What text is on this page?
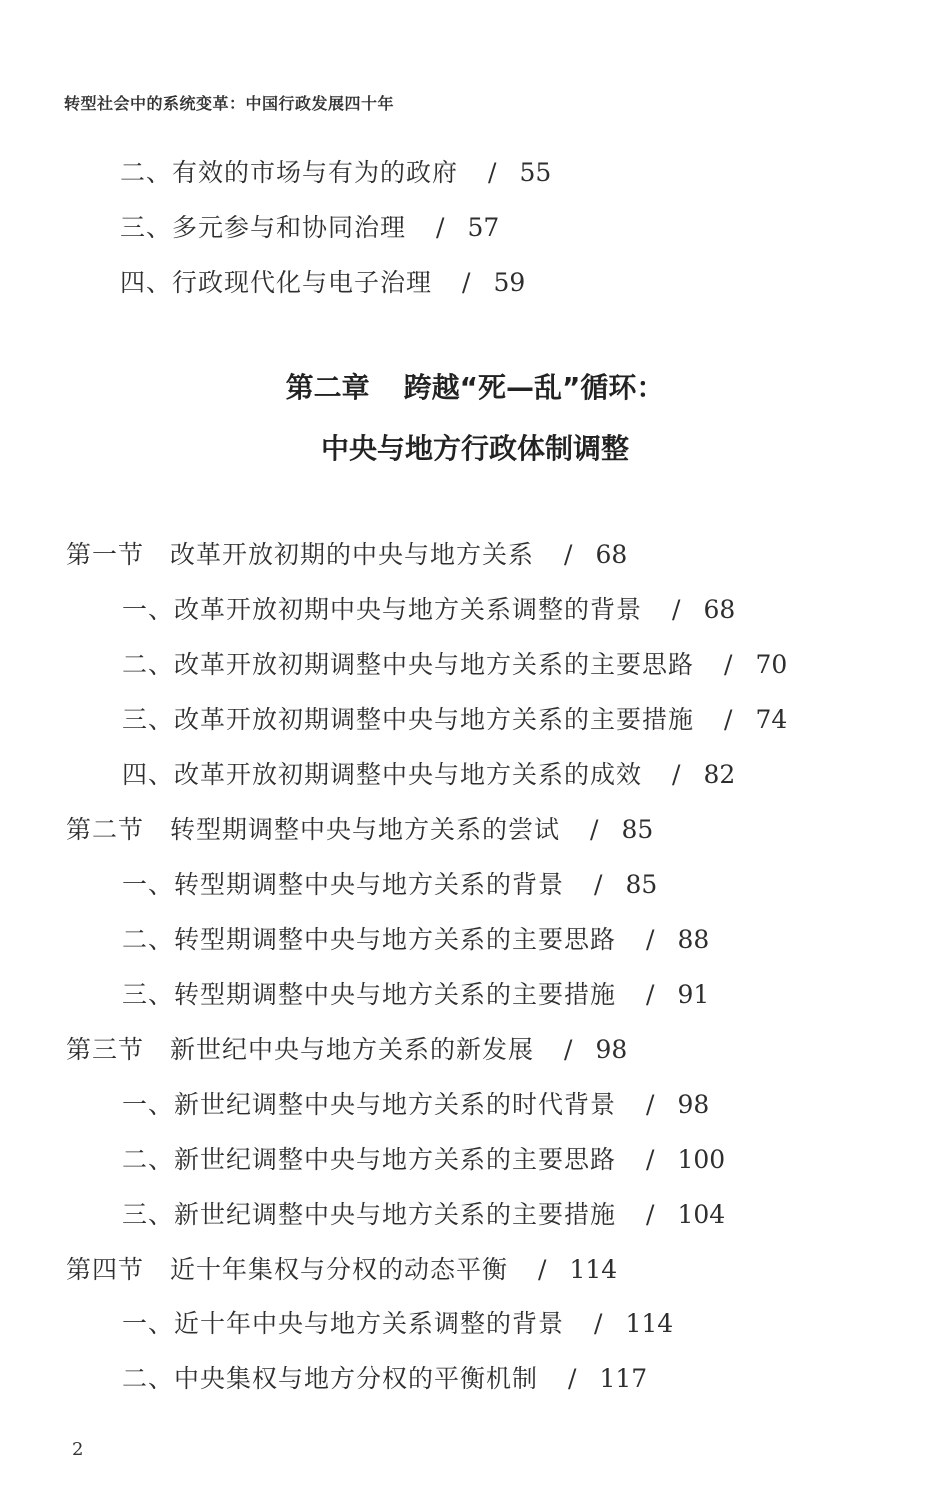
转型社会中的系统变革：中国行政发展四十年
二、有效的市场与有为的政府 / 55
三、多元参与和协同治理 / 57
四、行政现代化与电子治理 / 59
第二章 跨越“死—乱”循环：
中央与地方行政体制调整
第一节　改革开放初期的中央与地方关系 / 68
一、改革开放初期中央与地方关系调整的背景 / 68
二、改革开放初期调整中央与地方关系的主要思路 / 70
三、改革开放初期调整中央与地方关系的主要措施 / 74
四、改革开放初期调整中央与地方关系的成效 / 82
第二节　转型期调整中央与地方关系的尝试 / 85
一、转型期调整中央与地方关系的背景 / 85
二、转型期调整中央与地方关系的主要思路 / 88
三、转型期调整中央与地方关系的主要措施 / 91
第三节　新世纪中央与地方关系的新发展 / 98
一、新世纪调整中央与地方关系的时代背景 / 98
二、新世纪调整中央与地方关系的主要思路 / 100
三、新世纪调整中央与地方关系的主要措施 / 104
第四节　近十年集权与分权的动态平衡 / 114
一、近十年中央与地方关系调整的背景 / 114
二、中央集权与地方分权的平衡机制 / 117
2
